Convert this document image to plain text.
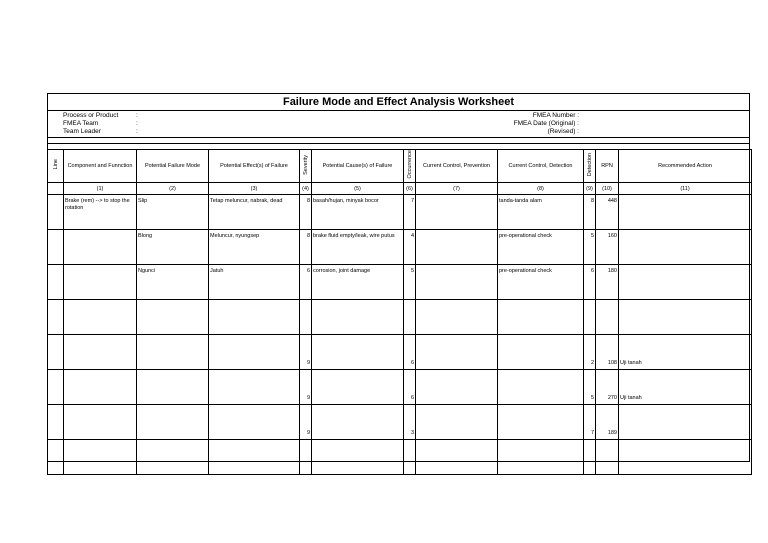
Failure Mode and Effect Analysis Worksheet
Process or Product
FMEA Team
Team Leader
:
:
:
FMEA Number :
FMEA Date (Original) :
(Revised) :
Line	Component and Funnction	Potential Failure Mode	Potential Effect(s) of Failure	Severity	Potential Cause(s) of Failure	Occurrence	Current Control, Prevention	Current Control, Detection	Detection	RPN	Recommended Action
	(1)	(2)	(3)	(4)	(5)	(6)	(7)	(8)	(9)	(10)	(11)
	Brake (rem) --> to stop the rotation	Slip	Tetap meluncur, nabrak, dead	8	basah/hujan, minyak bocor	7		tanda-tanda alam	8	448	
		Blong	Meluncur, nyungsep	8	brake fluid empty/leak, wire putus	4		pre-operational check	5	160	
		Ngunci	Jatuh	6	corrosion, joint damage	5		pre-operational check	6	180	

				9		6			2	108	Uji tanah
				9		6			5	270	Uji tanah
				9		3			7	189	
